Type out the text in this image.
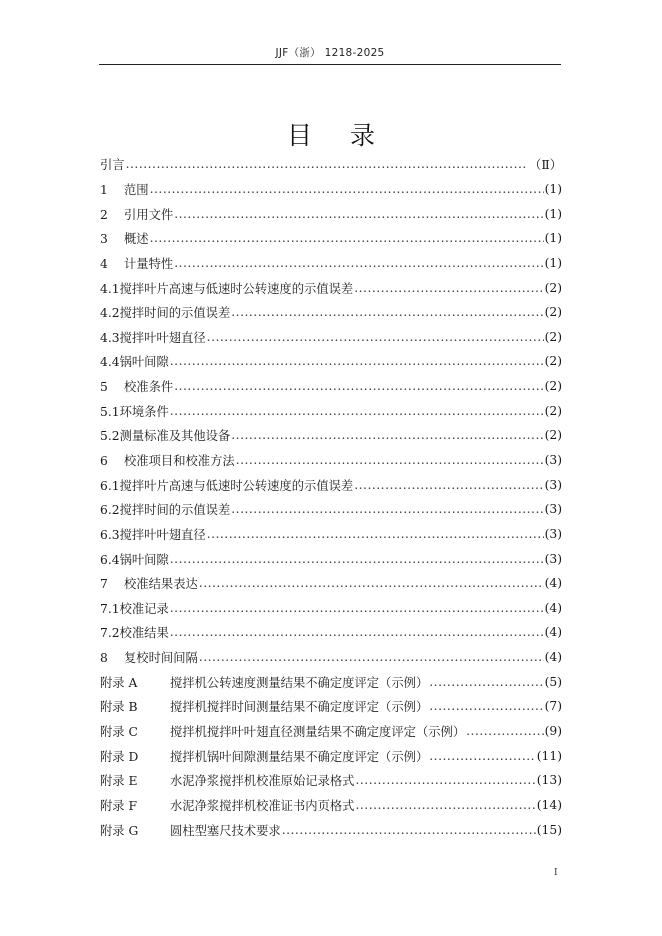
JJF（浙） 1218-2025
目录
引言 .....	（Ⅱ）
1 范围 .....	(1)
2 引用文件 .....	(1)
3 概述 .....	(1)
4 计量特性 .....	(1)
4.1搅拌叶片高速与低速时公转速度的示值误差 .....	(2)
4.2搅拌时间的示值误差 .....	(2)
4.3搅拌叶叶翅直径 .....	(2)
4.4锅叶间隙 .....	(2)
5 校准条件 .....	(2)
5.1环境条件 .....	(2)
5.2测量标准及其他设备 .....	(2)
6 校准项目和校准方法 .....	(3)
6.1搅拌叶片高速与低速时公转速度的示值误差 .....	(3)
6.2搅拌时间的示值误差 .....	(3)
6.3搅拌叶叶翅直径 .....	(3)
6.4锅叶间隙 .....	(3)
7 校准结果表达 .....	(4)
7.1校准记录 .....	(4)
7.2校准结果 .....	(4)
8 复校时间间隔 .....	(4)
附录 A	搅拌机公转速度测量结果不确定度评定（示例） .....	(5)
附录 B	搅拌机搅拌时间测量结果不确定度评定（示例） .....	(7)
附录 C	搅拌机搅拌叶叶翅直径测量结果不确定度评定（示例） .....	(9)
附录 D	搅拌机锅叶间隙测量结果不确定度评定（示例） .....	(11)
附录 E	水泥净浆搅拌机校准原始记录格式 .....	(13)
附录 F	水泥净浆搅拌机校准证书内页格式 .....	(14)
附录 G	圆柱型塞尺技术要求 .....	(15)
I
